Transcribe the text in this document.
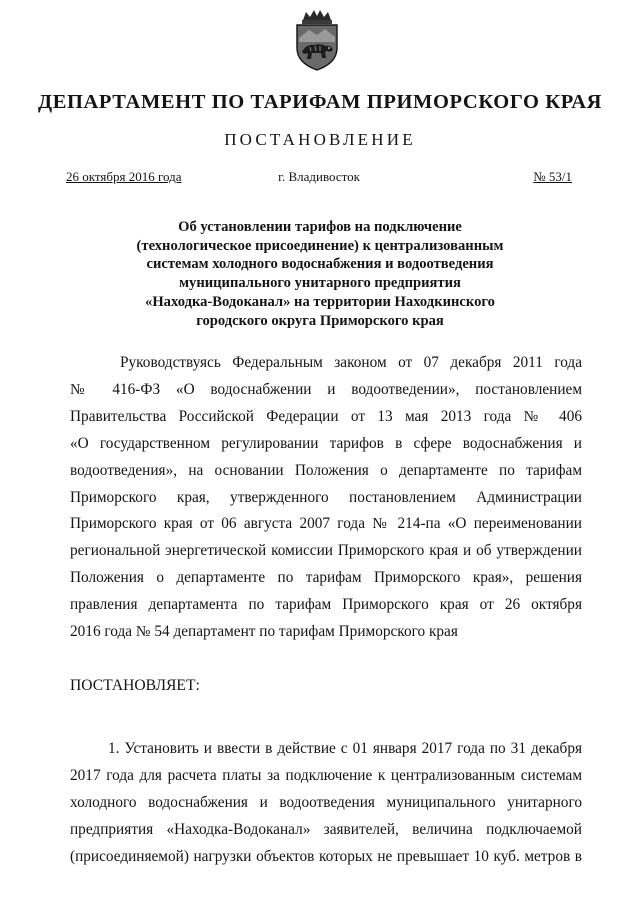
ДЕПАРТАМЕНТ ПО ТАРИФАМ ПРИМОРСКОГО КРАЯ
ПОСТАНОВЛЕНИЕ
26 октября 2016 года	г. Владивосток	№ 53/1
Об установлении тарифов на подключение
(технологическое присоединение) к централизованным
системам холодного водоснабжения и водоотведения
муниципального унитарного предприятия
«Находка-Водоканал» на территории Находкинского
городского округа Приморского края
Руководствуясь Федеральным законом от 07 декабря 2011 года
№ 416-ФЗ «О водоснабжении и водоотведении», постановлением
Правительства Российской Федерации от 13 мая 2013 года № 406
«О государственном регулировании тарифов в сфере водоснабжения и
водоотведения», на основании Положения о департаменте по тарифам
Приморского края, утвержденного постановлением Администрации
Приморского края от 06 августа 2007 года № 214-па «О переименовании
региональной энергетической комиссии Приморского края и об утверждении
Положения о департаменте по тарифам Приморского края», решения
правления департамента по тарифам Приморского края от 26 октября
2016 года № 54 департамент по тарифам Приморского края
ПОСТАНОВЛЯЕТ:
1. Установить и ввести в действие с 01 января 2017 года по 31 декабря
2017 года для расчета платы за подключение к централизованным системам
холодного водоснабжения и водоотведения муниципального унитарного
предприятия «Находка-Водоканал» заявителей, величина подключаемой
(присоединяемой) нагрузки объектов которых не превышает 10 куб. метров в
